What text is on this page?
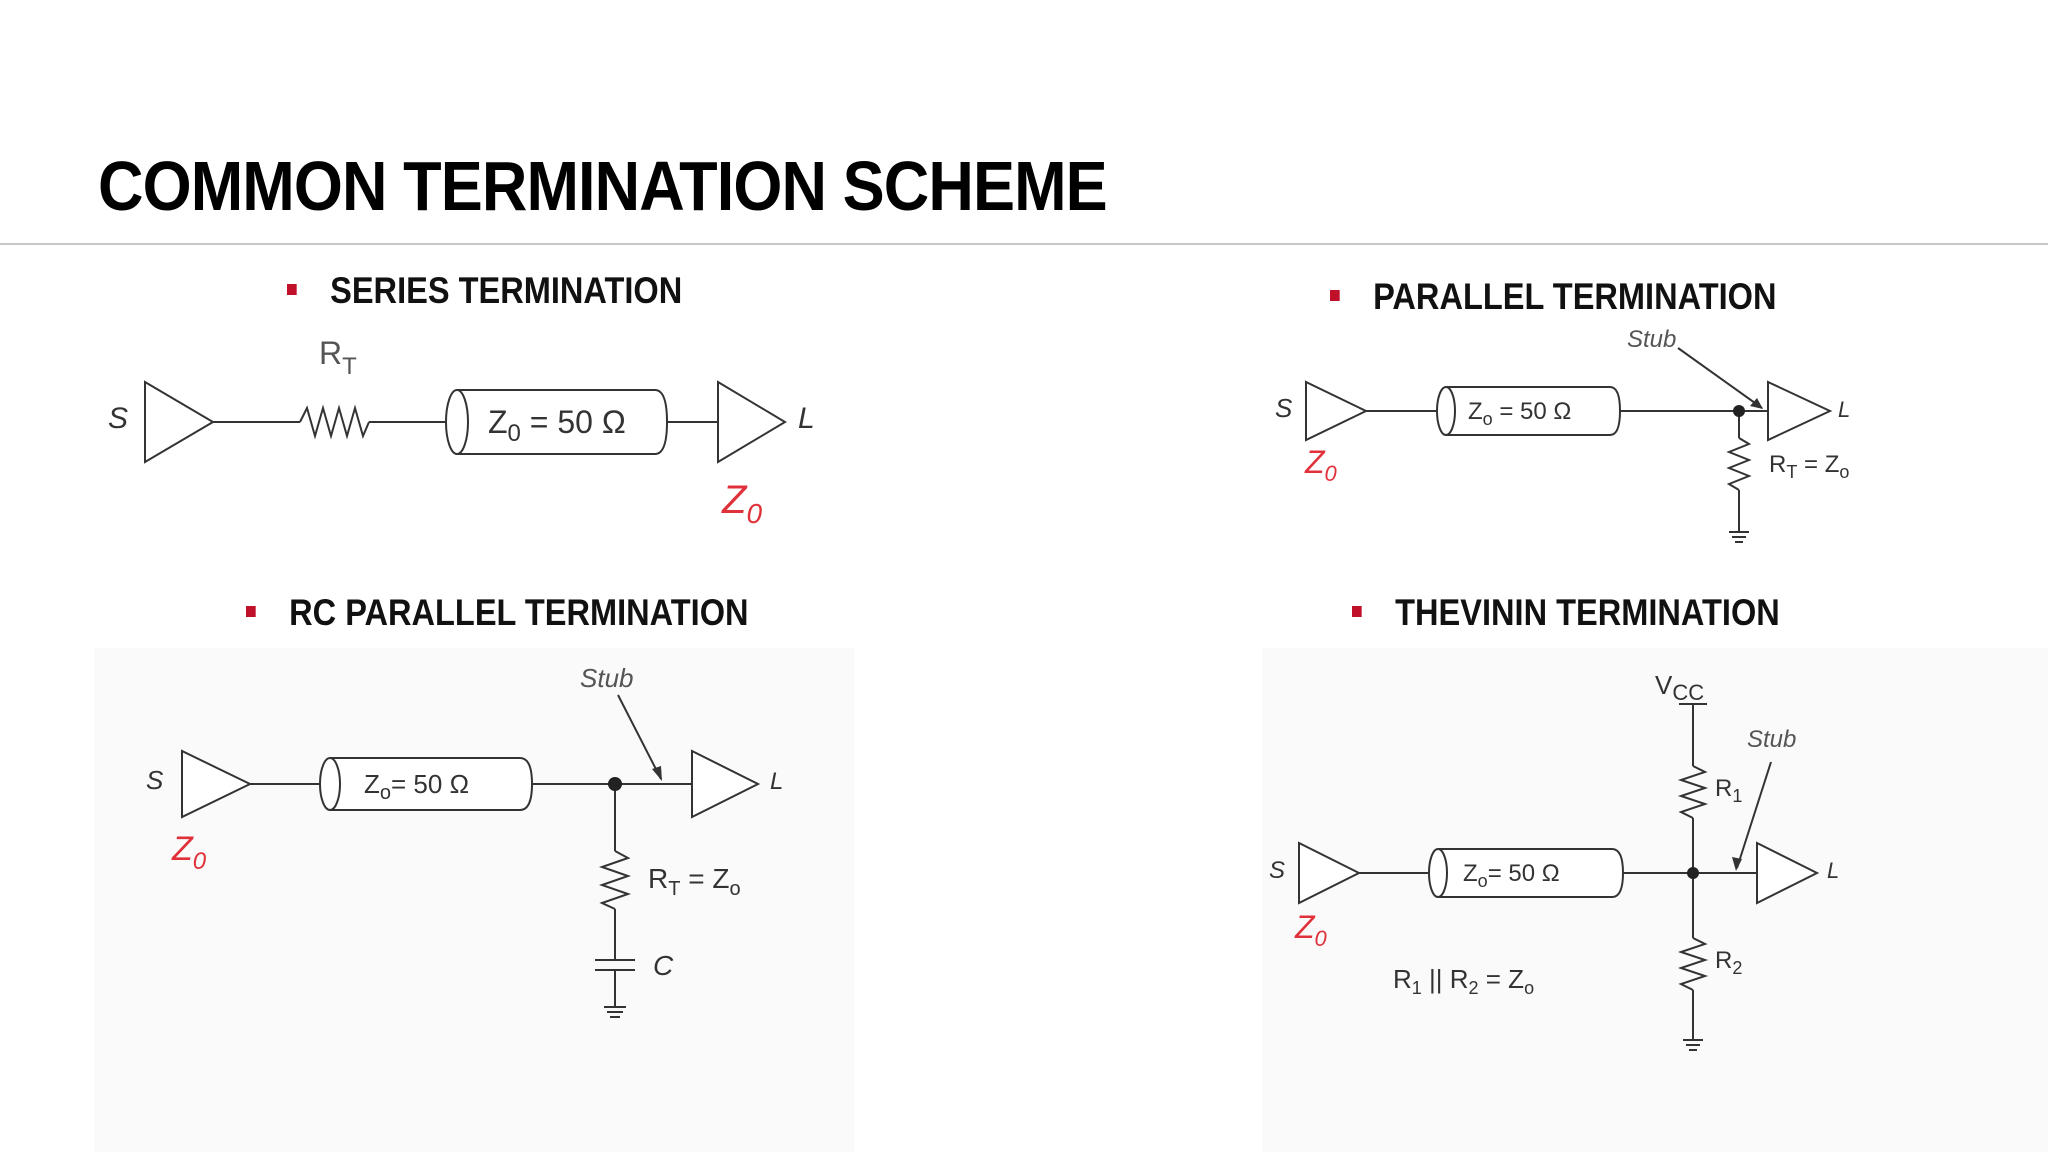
COMMON TERMINATION SCHEME
SERIES TERMINATION	PARALLEL TERMINATION
RC PARALLEL TERMINATION	THEVININ TERMINATION
S	L
$R_T$
$Z_0 = 50$ Ω
$Z_0$
S	L
Stub
$Z_o = 50$ Ω
$R_T = Z_o$
$Z_0$
S	L
Stub
$Z_o= 50$ Ω
$R_T = Z_o$
C
$Z_0$
$V_{CC}$
Stub
$R_1$
$R_2$
S	L
$Z_o= 50$ Ω
$R_1$ || $R_2 = Z_o$
$Z_0$
